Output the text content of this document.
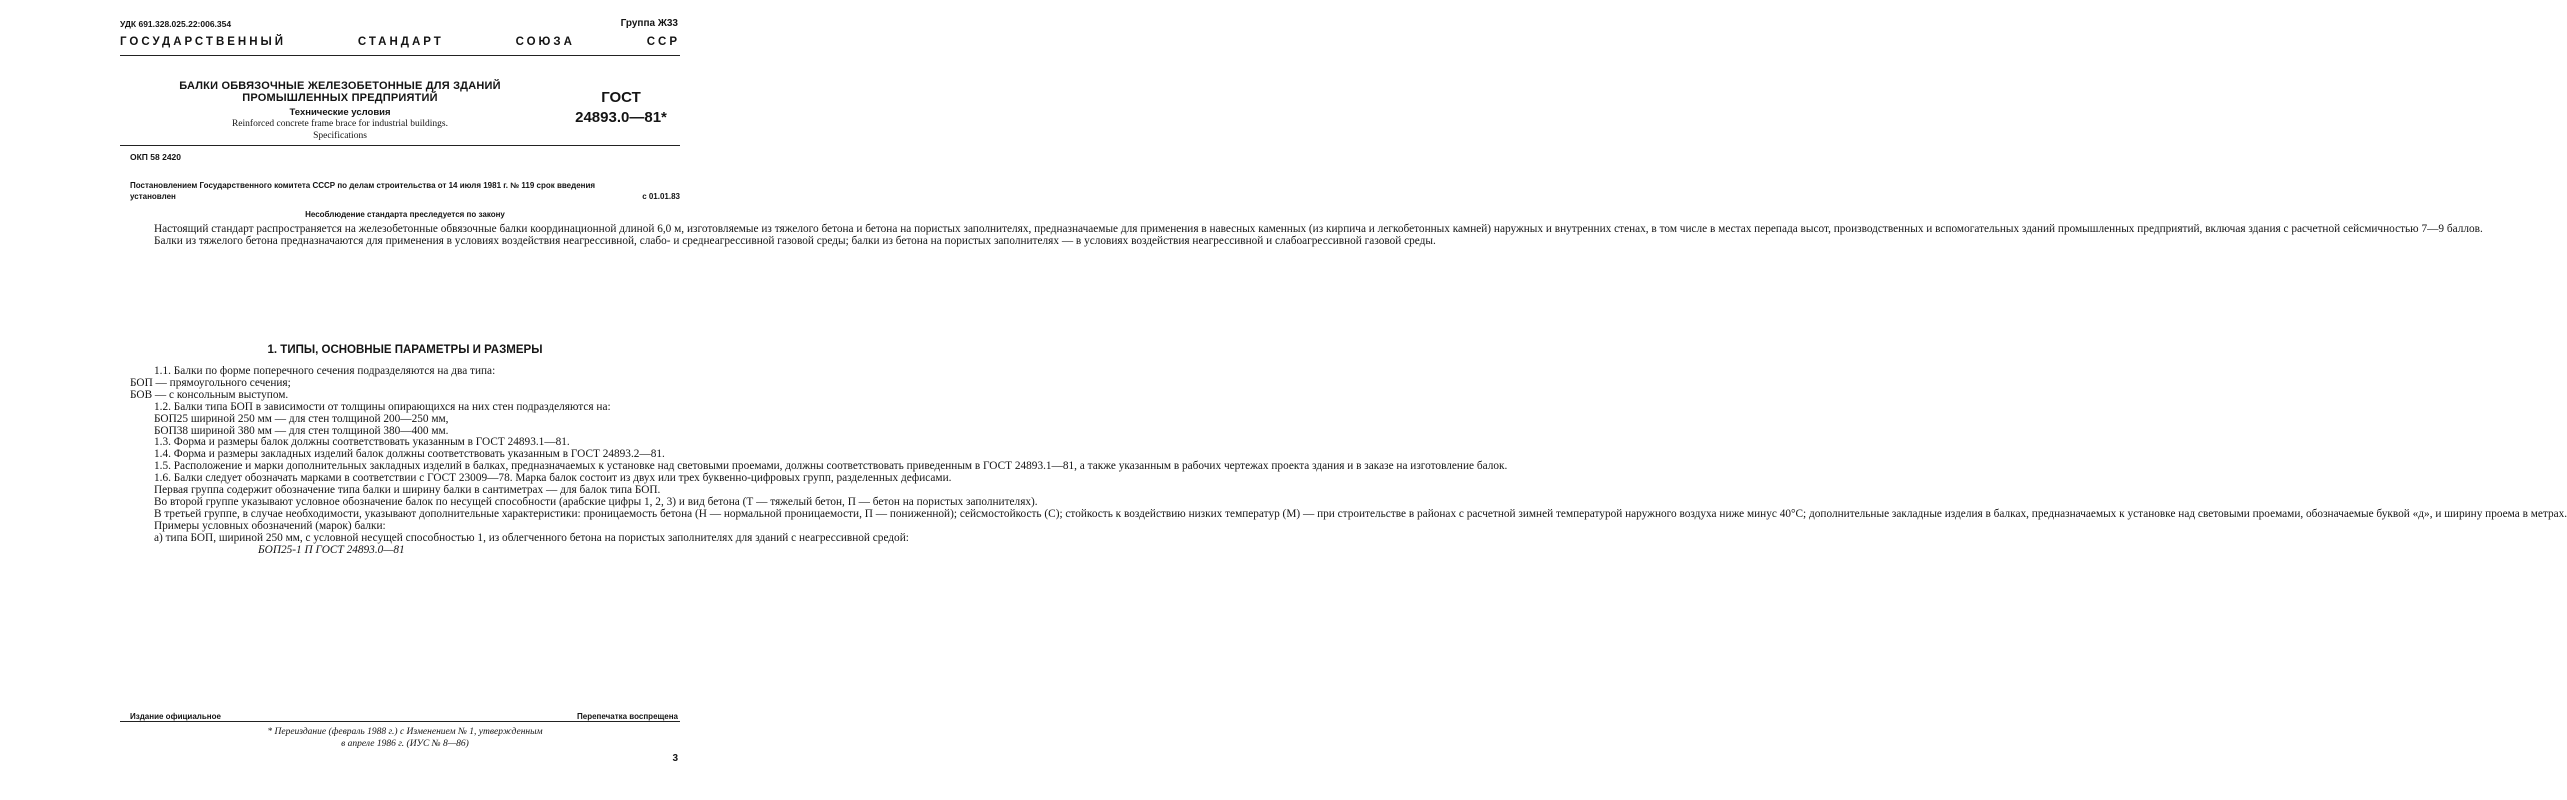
УДК 691.328.025.22:006.354	Группа Ж33
ГОСУДАРСТВЕННЫЙ	СТАНДАРТ	СОЮЗА	ССР
БАЛКИ ОБВЯЗОЧНЫЕ ЖЕЛЕЗОБЕТОННЫЕ ДЛЯ ЗДАНИЙ
ПРОМЫШЛЕННЫХ ПРЕДПРИЯТИЙ
Технические условия
Reinforced concrete frame brace for industrial buildings.
Specifications
ГОСТ
24893.0—81*
ОКП 58 2420
Постановлением Государственного комитета СССР по делам строительства от 14 июля 1981 г. № 119 срок введения
установлен	с 01.01.83
Несоблюдение стандарта преследуется по закону

Настоящий стандарт распространяется на железобетонные обвязочные балки координационной длиной 6,0 м, изготовляемые из тяжелого бетона и бетона на пористых заполнителях, предназначаемые для применения в навесных каменных (из кирпича и легкобетонных камней) наружных и внутренних стенах, в том числе в местах перепада высот, производственных и вспомогательных зданий промышленных предприятий, включая здания с расчетной сейсмичностью 7—9 баллов.

Балки из тяжелого бетона предназначаются для применения в условиях воздействия неагрессивной, слабо- и среднеагрессивной газовой среды; балки из бетона на пористых заполнителях — в условиях воздействия неагрессивной и слабоагрессивной газовой среды.

1. ТИПЫ, ОСНОВНЫЕ ПАРАМЕТРЫ И РАЗМЕРЫ

1.1. Балки по форме поперечного сечения подразделяются на два типа:

БОП — прямоугольного сечения;

БОВ — с консольным выступом.

1.2. Балки типа БОП в зависимости от толщины опирающихся на них стен подразделяются на:

БОП25 шириной 250 мм — для стен толщиной 200—250 мм,

БОП38 шириной 380 мм — для стен толщиной 380—400 мм.

1.3. Форма и размеры балок должны соответствовать указанным в ГОСТ 24893.1—81.

1.4. Форма и размеры закладных изделий балок должны соответствовать указанным в ГОСТ 24893.2—81.

1.5. Расположение и марки дополнительных закладных изделий в балках, предназначаемых к установке над световыми проемами, должны соответствовать приведенным в ГОСТ 24893.1—81, а также указанным в рабочих чертежах проекта здания и в заказе на изготовление балок.

1.6. Балки следует обозначать марками в соответствии с ГОСТ 23009—78. Марка балок состоит из двух или трех буквенно-цифровых групп, разделенных дефисами.

Первая группа содержит обозначение типа балки и ширину балки в сантиметрах — для балок типа БОП.

Во второй группе указывают условное обозначение балок по несущей способности (арабские цифры 1, 2, 3) и вид бетона (Т — тяжелый бетон, П — бетон на пористых заполнителях).

В третьей группе, в случае необходимости, указывают дополнительные характеристики: проницаемость бетона (Н — нормальной проницаемости, П — пониженной); сейсмостойкость (С); стойкость к воздействию низких температур (М) — при строительстве в районах с расчетной зимней температурой наружного воздуха ниже минус 40°С; дополнительные закладные изделия в балках, предназначаемых к установке над световыми проемами, обозначаемые буквой «д», и ширину проема в метрах.

Примеры условных обозначений (марок) балки:

а) типа БОП, шириной 250 мм, с условной несущей способностью 1, из облегченного бетона на пористых заполнителях для зданий с неагрессивной средой:

БОП25-1 П ГОСТ 24893.0—81

Издание официальное	Перепечатка воспрещена
* Переиздание (февраль 1988 г.) с Изменением № 1, утвержденным
в апреле 1986 г. (ИУС № 8—86)
3
